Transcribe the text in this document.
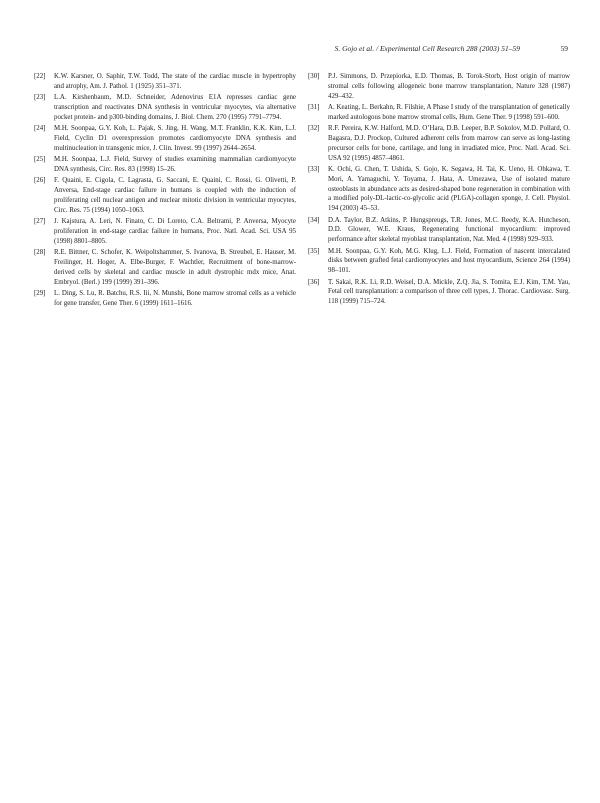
S. Gojo et al. / Experimental Cell Research 288 (2003) 51–59	59
[22]	K.W. Karsner, O. Saphir, T.W. Todd, The state of the cardiac muscle in hypertrophy and atrophy, Am. J. Pathol. 1 (1925) 351–371.
[23]	L.A. Kirshenbaum, M.D. Schneider, Adenovirus E1A represses cardiac gene transcription and reactivates DNA synthesis in ventricular myocytes, via alternative pocket protein- and p300-binding domains, J. Biol. Chem. 270 (1995) 7791–7794.
[24]	M.H. Soonpaa, G.Y. Koh, L. Pajak, S. Jing, H. Wang, M.T. Franklin, K.K. Kim, L.J. Field, Cyclin D1 overexpression promotes cardiomyocyte DNA synthesis and multinucleation in transgenic mice, J. Clin. Invest. 99 (1997) 2644–2654.
[25]	M.H. Soonpaa, L.J. Field, Survey of studies examining mammalian cardiomyocyte DNA synthesis, Circ. Res. 83 (1998) 15–26.
[26]	F. Quaini, E. Cigola, C. Lagrasta, G. Saccani, E. Quaini, C. Rossi, G. Olivetti, P. Anversa, End-stage cardiac failure in humans is coupled with the induction of proliferating cell nuclear antigen and nuclear mitotic division in ventricular myocytes, Circ. Res. 75 (1994) 1050–1063.
[27]	J. Kajstura, A. Leri, N. Finato, C. Di Loreto, C.A. Beltrami, P. Anversa, Myocyte proliferation in end-stage cardiac failure in humans, Proc. Natl. Acad. Sci. USA 95 (1998) 8801–8805.
[28]	R.E. Bittner, C. Schofer, K. Weipoltshammer, S. Ivanova, B. Streubel, E. Hauser, M. Freilinger, H. Hoger, A. Elbe-Burger, F. Wachtler, Recruitment of bone-marrow-derived cells by skeletal and cardiac muscle in adult dystrophic mdx mice, Anat. Embryol. (Berl.) 199 (1999) 391–396.
[29]	L. Ding, S. Lu, R. Batchu, R.S. Iii, N. Munshi, Bone marrow stromal cells as a vehicle for gene transfer, Gene Ther. 6 (1999) 1611–1616.
[30]	P.J. Simmons, D. Przepiorka, E.D. Thomas, B. Torok-Storb, Host origin of marrow stromal cells following allogeneic bone marrow transplantation, Nature 328 (1987) 429–432.
[31]	A. Keating, L. Berkahn, R. Filshie, A Phase I study of the transplantation of genetically marked autologous bone marrow stromal cells, Hum. Gene Ther. 9 (1998) 591–600.
[32]	R.F. Pereira, K.W. Halford, M.D. O’Hara, D.B. Leeper, B.P. Sokolov, M.D. Pollard, O. Bagasra, D.J. Prockop, Cultured adherent cells from marrow can serve as long-lasting precursor cells for bone, cartilage, and lung in irradiated mice, Proc. Natl. Acad. Sci. USA 92 (1995) 4857–4861.
[33]	K. Ochi, G. Chen, T. Ushida, S. Gojo, K. Segawa, H. Tai, K. Ueno, H. Ohkawa, T. Mori, A. Yamaguchi, Y. Toyama, J. Hata, A. Umezawa, Use of isolated mature osteoblasts in abundance acts as desired-shaped bone regeneration in combination with a modified poly-DL-lactic-co-glycolic acid (PLGA)-collagen sponge, J. Cell. Physiol. 194 (2003) 45–53.
[34]	D.A. Taylor, B.Z. Atkins, P. Hungspreugs, T.R. Jones, M.C. Reedy, K.A. Hutcheson, D.D. Glower, W.E. Kraus, Regenerating functional myocardium: improved performance after skeletal myoblast transplantation, Nat. Med. 4 (1998) 929–933.
[35]	M.H. Soonpaa, G.Y. Koh, M.G. Klug, L.J. Field, Formation of nascent intercalated disks between grafted fetal cardiomyocytes and host myocardium, Science 264 (1994) 98–101.
[36]	T. Sakai, R.K. Li, R.D. Weisel, D.A. Mickle, Z.Q. Jia, S. Tomita, E.J. Kim, T.M. Yau, Fetal cell transplantation: a comparison of three cell types, J. Thorac. Cardiovasc. Surg. 118 (1999) 715–724.
